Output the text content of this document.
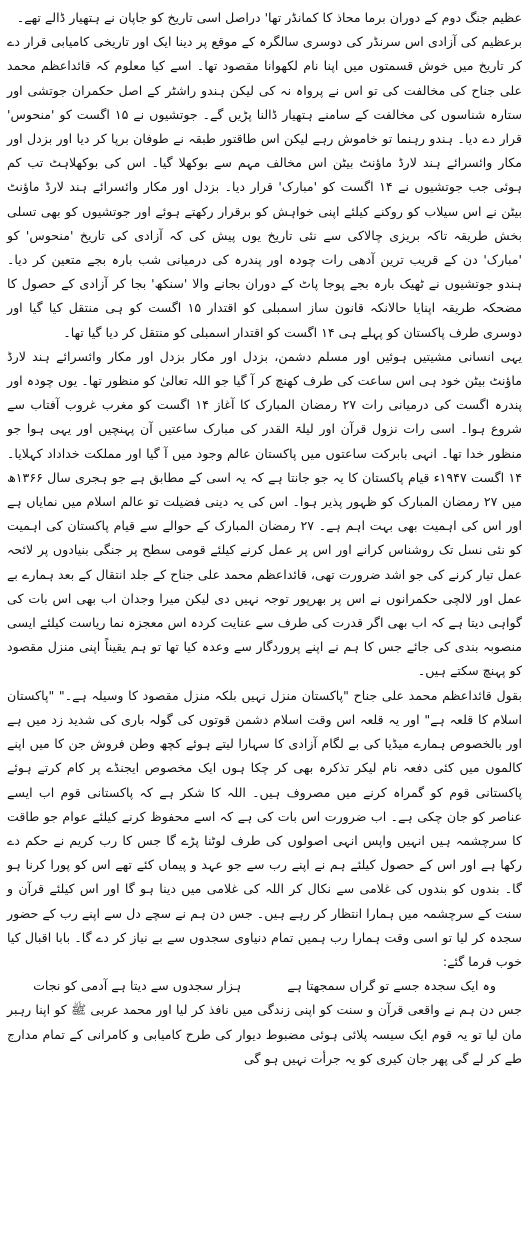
عظیم جنگ دوم کے دوران برما محاذ کا کمانڈر تھا' دراصل اسی تاریخ کو جاپان نے ہتھیار ڈالے تھے۔

برعظیم کی آزادی اس سرنڈر کی دوسری سالگرہ کے موقع پر دینا ایک اور تاریخی کامیابی قرار دے کر تاریخ میں خوش قسمتوں میں اپنا نام لکھوانا مقصود تھا۔ اسے کیا معلوم کہ قائداعظم محمد علی جناح کی مخالفت کی تو اس نے پرواہ نہ کی لیکن ہندو راشٹر کے اصل حکمران جوتشی اور ستارہ شناسوں کی مخالفت کے سامنے ہتھیار ڈالنا پڑیں گے۔ جوتشیوں نے ۱۵ اگست کو 'منحوس' قرار دے دیا۔ ہندو رہنما تو خاموش رہے لیکن اس طاقتور طبقہ نے طوفان برپا کر دیا اور بزدل اور مکار وائسرائے ہند لارڈ ماؤنٹ بیٹن اس مخالف مہم سے بوکھلا گیا۔ اس کی بوکھلاہٹ تب کم ہوئی جب جوتشیوں نے ۱۴ اگست کو 'مبارک' قرار دیا۔ بزدل اور مکار وائسرائے ہند لارڈ ماؤنٹ بیٹن نے اس سیلاب کو روکنے کیلئے اپنی خواہش کو برقرار رکھتے ہوئے اور جوتشیوں کو بھی تسلی بخش طریقہ تاکہ بریزی چالاکی سے نئی تاریخ یوں پیش کی کہ آزادی کی تاریخ 'منحوس' کو 'مبارک' دن کے قریب ترین آدھی رات چودہ اور پندرہ کی درمیانی شب بارہ بجے متعین کر دیا۔ ہندو جوتشیوں نے ٹھیک بارہ بجے پوجا پاٹ کے دوران بجانے والا 'سنکھ' بجا کر آزادی کے حصول کا مضحکہ طریقہ اپنایا حالانکہ قانون ساز اسمبلی کو اقتدار ۱۵ اگست کو ہی منتقل کیا گیا اور دوسری طرف پاکستان کو پہلے ہی ۱۴ اگست کو اقتدار اسمبلی کو منتقل کر دیا گیا تھا۔

یہی انسانی مشیتیں ہوئیں اور مسلم دشمن، بزدل اور مکار بزدل اور مکار وائسرائے ہند لارڈ ماؤنٹ بیٹن خود ہی اس ساعت کی طرف کھنچ کر آ گیا جو اللہ تعالیٰ کو منظور تھا۔ یوں چودہ اور پندرہ اگست کی درمیانی رات ۲۷ رمضان المبارک کا آغاز ۱۴ اگست کو مغرب غروب آفتاب سے شروع ہوا۔ اسی رات نزول قرآن اور لیلۃ القدر کی مبارک ساعتیں آن پہنچیں اور یہی ہوا جو منظور خدا تھا۔ انہی بابرکت ساعتوں میں پاکستان عالم وجود میں آ گیا اور مملکت خداداد کہلایا۔ ۱۴ اگست ۱۹۴۷ء قیام پاکستان کا یہ جو جانتا ہے کہ یہ اسی کے مطابق ہے جو ہجری سال ۱۳۶۶ھ میں ۲۷ رمضان المبارک کو ظہور پذیر ہوا۔ اس کی یہ دینی فضیلت تو عالم اسلام میں نمایاں ہے اور اس کی اہمیت بھی بہت اہم ہے۔ ۲۷ رمضان المبارک کے حوالے سے قیام پاکستان کی اہمیت کو نئی نسل تک روشناس کرانے اور اس پر عمل کرنے کیلئے قومی سطح پر جنگی بنیادوں پر لائحہ عمل تیار کرنے کی جو اشد ضرورت تھی، قائداعظم محمد علی جناح کے جلد انتقال کے بعد ہمارے بے عمل اور لالچی حکمرانوں نے اس پر بھرپور توجہ نہیں دی لیکن میرا وجدان اب بھی اس بات کی گواہی دیتا ہے کہ اب بھی اگر قدرت کی طرف سے عنایت کردہ اس معجزہ نما ریاست کیلئے ایسی منصوبہ بندی کی جائے جس کا ہم نے اپنے پروردگار سے وعدہ کیا تھا تو ہم یقیناً اپنی منزل مقصود کو پہنچ سکتے ہیں۔

بقول قائداعظم محمد علی جناح "پاکستان منزل نہیں بلکہ منزل مقصود کا وسیلہ ہے۔" "پاکستان اسلام کا قلعہ ہے" اور یہ قلعہ اس وقت اسلام دشمن قوتوں کی گولہ باری کی شدید زد میں ہے اور بالخصوص ہمارے میڈیا کی بے لگام آزادی کا سہارا لیتے ہوئے کچھ وطن فروش جن کا میں اپنے کالموں میں کئی دفعہ نام لیکر تذکرہ بھی کر چکا ہوں ایک مخصوص ایجنڈے پر کام کرتے ہوئے پاکستانی قوم کو گمراہ کرنے میں مصروف ہیں۔ اللہ کا شکر ہے کہ پاکستانی قوم اب ایسے عناصر کو جان چکی ہے۔ اب ضرورت اس بات کی ہے کہ اسے محفوظ کرنے کیلئے عوام جو طاقت کا سرچشمہ ہیں انہیں واپس انہی اصولوں کی طرف لوٹنا پڑے گا جس کا رب کریم نے حکم دے رکھا ہے اور اس کے حصول کیلئے ہم نے اپنے رب سے جو عہد و پیماں کئے تھے اس کو پورا کرنا ہو گا۔ بندوں کو بندوں کی غلامی سے نکال کر اللہ کی غلامی میں دینا ہو گا اور اس کیلئے قرآن و سنت کے سرچشمہ میں ہمارا انتظار کر رہے ہیں۔ جس دن ہم نے سچے دل سے اپنے رب کے حضور سجدہ کر لیا تو اسی وقت ہمارا رب ہمیں تمام دنیاوی سجدوں سے بے نیاز کر دے گا۔ بابا اقبال کیا خوب فرما گئے:

وہ ایک سجدہ جسے تو گراں سمجھتا ہے
ہزار سجدوں سے دیتا ہے آدمی کو نجات

جس دن ہم نے واقعی قرآن و سنت کو اپنی زندگی میں نافذ کر لیا اور محمد عربی ﷺ کو اپنا رہبر مان لیا تو یہ قوم ایک سیسہ پلائی ہوئی مضبوط دیوار کی طرح کامیابی و کامرانی کے تمام مدارج طے کر لے گی پھر جان کیری کو یہ جرأت نہیں ہو گی
